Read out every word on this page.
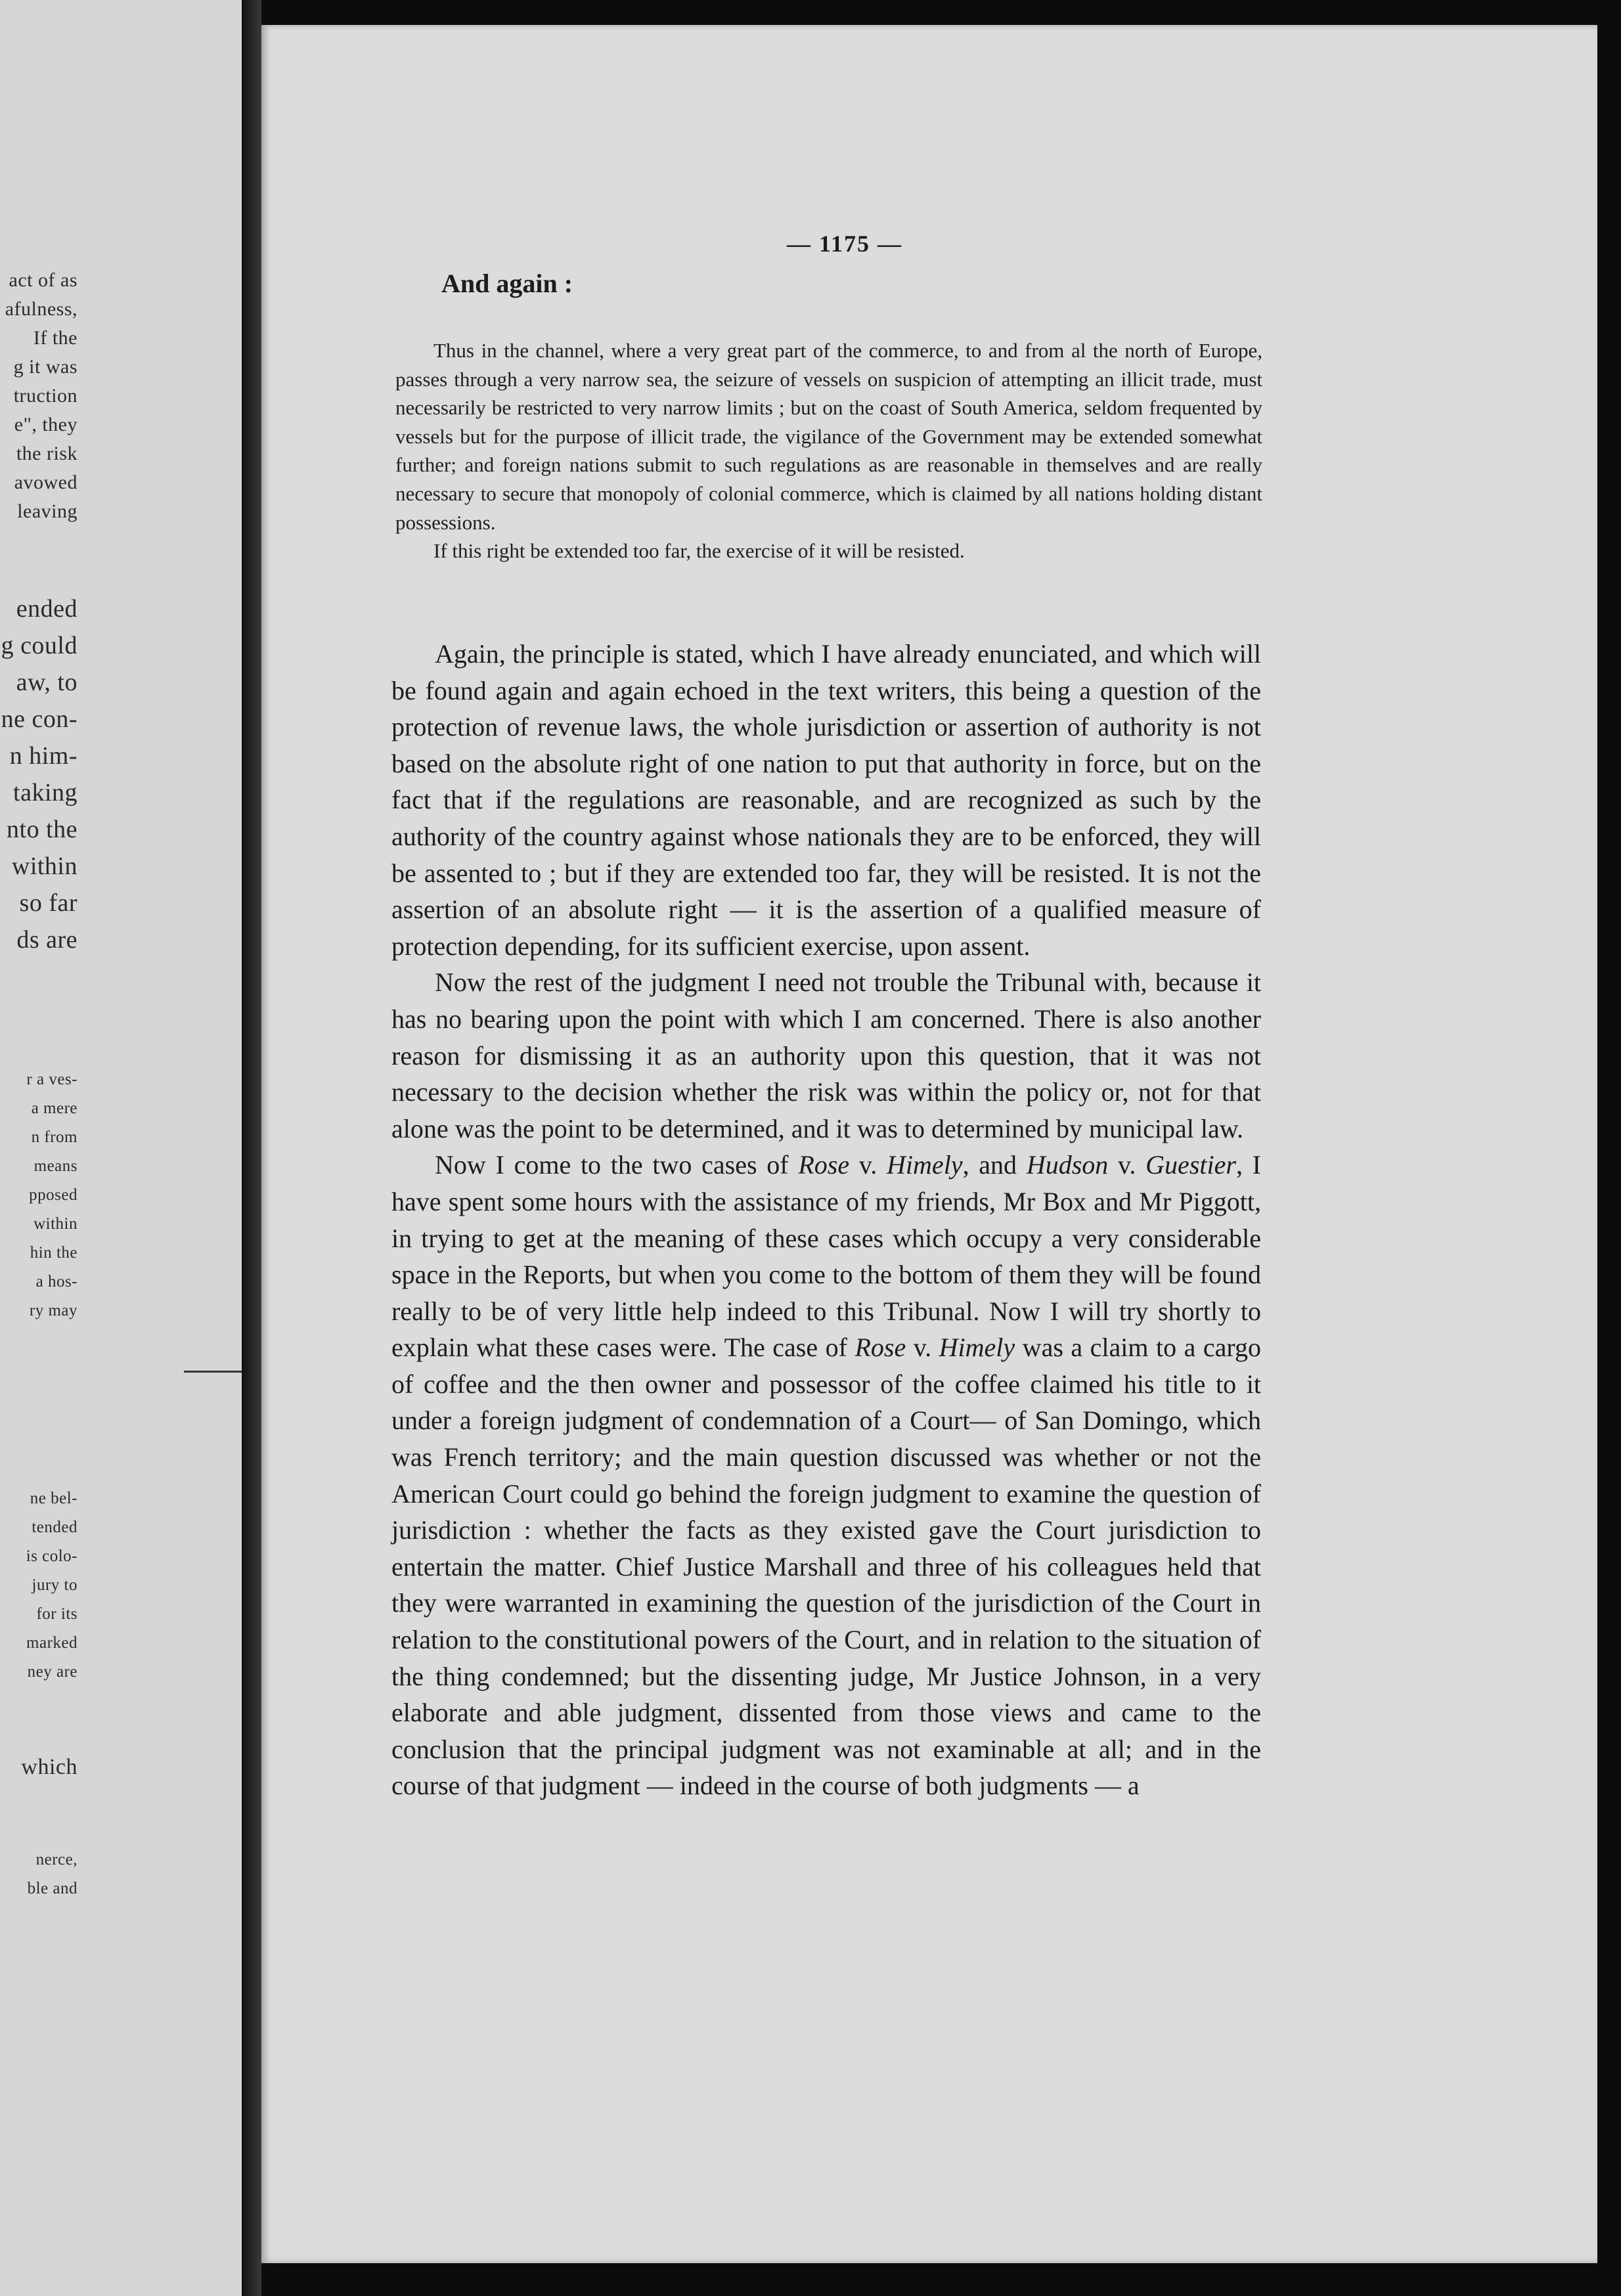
act of as
afulness,
If the
g it was
truction
e", they
the risk
avowed
leaving
ended
g could
aw, to
ne con-
n him-
taking
nto the
within
so far
ds are
r a ves-
a mere
n from
means
pposed
within
hin the
a hos-
ry may
ne bel-
tended
is colo-
jury to
for its
marked
ney are
which
nerce,
ble and
— 1175 —
And again :

Thus in the channel, where a very great part of the commerce, to and from al the north of Europe, passes through a very narrow sea, the seizure of vessels on suspicion of attempting an illicit trade, must necessarily be restricted to very narrow limits ; but on the coast of South America, seldom frequented by vessels but for the purpose of illicit trade, the vigilance of the Government may be extended somewhat further; and foreign nations submit to such regulations as are reasonable in themselves and are really necessary to secure that monopoly of colonial commerce, which is claimed by all nations holding distant possessions.

If this right be extended too far, the exercise of it will be resisted.

Again, the principle is stated, which I have already enunciated, and which will be found again and again echoed in the text writers, this being a question of the protection of revenue laws, the whole jurisdiction or assertion of authority is not based on the absolute right of one nation to put that authority in force, but on the fact that if the regulations are reasonable, and are recognized as such by the authority of the country against whose nationals they are to be enforced, they will be assented to ; but if they are extended too far, they will be resisted. It is not the assertion of an absolute right — it is the assertion of a qualified measure of protection depending, for its sufficient exercise, upon assent.

Now the rest of the judgment I need not trouble the Tribunal with, because it has no bearing upon the point with which I am concerned. There is also another reason for dismissing it as an authority upon this question, that it was not necessary to the decision whether the risk was within the policy or, not for that alone was the point to be determined, and it was to determined by municipal law.

Now I come to the two cases of Rose v. Himely, and Hudson v. Guestier, I have spent some hours with the assistance of my friends, Mr Box and Mr Piggott, in trying to get at the meaning of these cases which occupy a very considerable space in the Reports, but when you come to the bottom of them they will be found really to be of very little help indeed to this Tribunal. Now I will try shortly to explain what these cases were. The case of Rose v. Himely was a claim to a cargo of coffee and the then owner and possessor of the coffee claimed his title to it under a foreign judgment of condemnation of a Court— of San Domingo, which was French territory; and the main question discussed was whether or not the American Court could go behind the foreign judgment to examine the question of jurisdiction : whether the facts as they existed gave the Court jurisdiction to entertain the matter. Chief Justice Marshall and three of his colleagues held that they were warranted in examining the question of the jurisdiction of the Court in relation to the constitutional powers of the Court, and in relation to the situation of the thing condemned; but the dissenting judge, Mr Justice Johnson, in a very elaborate and able judgment, dissented from those views and came to the conclusion that the principal judgment was not examinable at all; and in the course of that judgment — indeed in the course of both judgments — a
